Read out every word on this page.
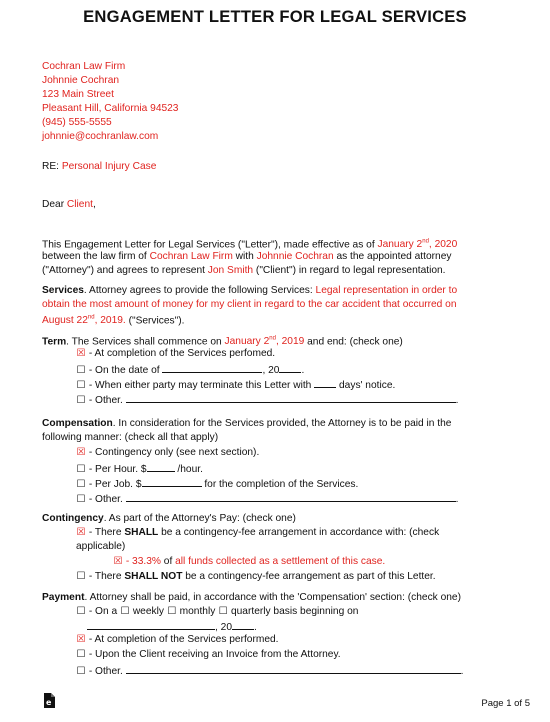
ENGAGEMENT LETTER FOR LEGAL SERVICES
Cochran Law Firm
Johnnie Cochran
123 Main Street
Pleasant Hill, California 94523
(945) 555-5555
johnnie@cochranlaw.com
RE: Personal Injury Case
Dear Client,
This Engagement Letter for Legal Services ("Letter"), made effective as of January 2nd, 2020
between the law firm of Cochran Law Firm with Johnnie Cochran as the appointed attorney
("Attorney") and agrees to represent Jon Smith ("Client") in regard to legal representation.
Services. Attorney agrees to provide the following Services: Legal representation in order to
obtain the most amount of money for my client in regard to the car accident that occurred on
August 22nd, 2019. ("Services").
Term. The Services shall commence on January 2nd, 2019 and end: (check one)
☒ - At completion of the Services perfomed.
☐ - On the date of	, 20 .
☐ - When either party may terminate this Letter with  days' notice.
☐ - Other.	.
Compensation. In consideration for the Services provided, the Attorney is to be paid in the
following manner: (check all that apply)
☒ - Contingency only (see next section).
☐ - Per Hour. $	/hour.
☐ - Per Job. $	for the completion of the Services.
☐ - Other.	.
Contingency. As part of the Attorney's Pay: (check one)
☒ - There SHALL be a contingency-fee arrangement in accordance with: (check
applicable)
☒ - 33.3% of all funds collected as a settlement of this case.
☐ - There SHALL NOT be a contingency-fee arrangement as part of this Letter.
Payment. Attorney shall be paid, in accordance with the 'Compensation' section: (check one)
☐ - On a ☐ weekly ☐ monthly ☐ quarterly basis beginning on
, 20 .
☒ - At completion of the Services performed.
☐ - Upon the Client receiving an Invoice from the Attorney.
☐ - Other.	.
e	Page 1 of 5
